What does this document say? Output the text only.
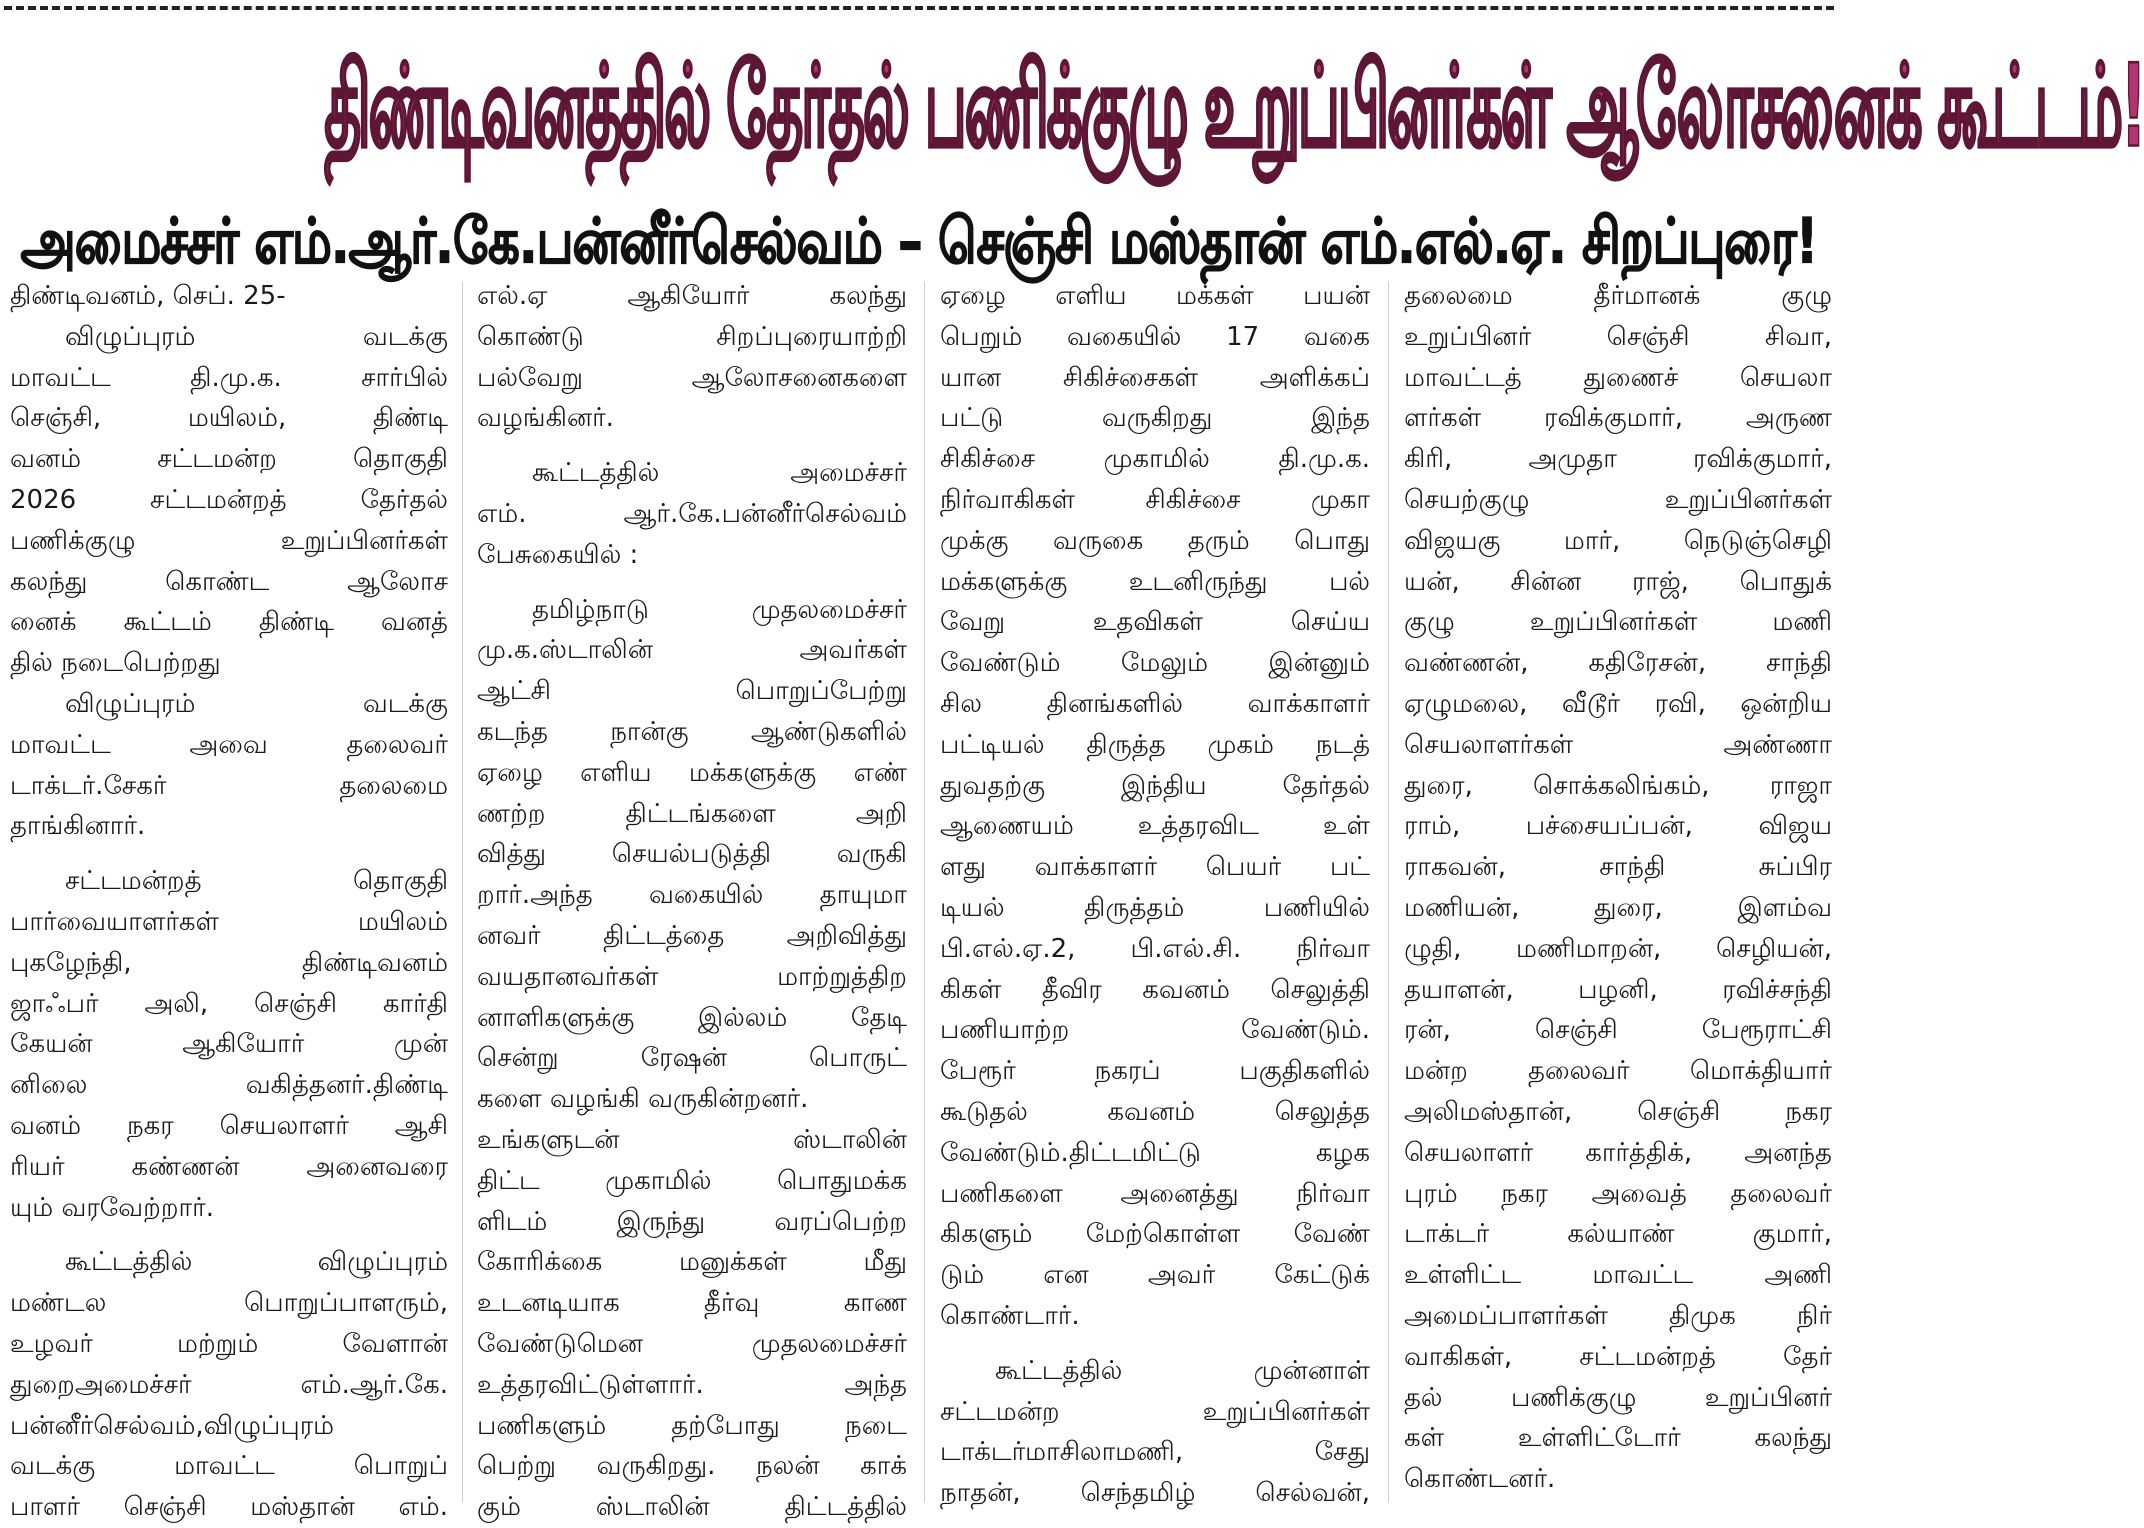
திண்டிவனத்தில் தேர்தல் பணிக்குழு உறுப்பினர்கள் ஆலோசனைக் கூட்டம்!
அமைச்சர் எம்.ஆர்.கே.பன்னீர்செல்வம் – செஞ்சி மஸ்தான் எம்.எல்.ஏ. சிறப்புரை!
திண்டிவனம், செப். 25-
விழுப்புரம் வடக்கு
மாவட்ட தி.மு.க. சார்பில்
செஞ்சி, மயிலம், திண்டி
வனம் சட்டமன்ற தொகுதி
2026 சட்டமன்றத் தேர்தல்
பணிக்குழு உறுப்பினர்கள்
கலந்து கொண்ட ஆலோச
னைக் கூட்டம் திண்டி வனத்
தில் நடைபெற்றது
விழுப்புரம் வடக்கு
மாவட்ட அவை தலைவர்
டாக்டர்.சேகர் தலைமை
தாங்கினார்.
சட்டமன்றத் தொகுதி
பார்வையாளர்கள் மயிலம்
புகழேந்தி, திண்டிவனம்
ஜாஃபர் அலி, செஞ்சி கார்தி
கேயன் ஆகியோர் முன்
னிலை வகித்தனர்.திண்டி
வனம் நகர செயலாளர் ஆசி
ரியர் கண்ணன் அனைவரை
யும் வரவேற்றார்.
கூட்டத்தில் விழுப்புரம்
மண்டல பொறுப்பாளரும்,
உழவர் மற்றும் வேளான்
துறைஅமைச்சர் எம்.ஆர்.கே.
பன்னீர்செல்வம்,விழுப்புரம்
வடக்கு மாவட்ட பொறுப்
பாளர் செஞ்சி மஸ்தான் எம்.
எல்.ஏ ஆகியோர் கலந்து
கொண்டு சிறப்புரையாற்றி
பல்வேறு ஆலோசனைகளை
வழங்கினர்.
கூட்டத்தில் அமைச்சர்
எம். ஆர்.கே.பன்னீர்செல்வம்
பேசுகையில் :
தமிழ்நாடு முதலமைச்சர்
மு.க.ஸ்டாலின் அவர்கள்
ஆட்சி பொறுப்பேற்று
கடந்த நான்கு ஆண்டுகளில்
ஏழை எளிய மக்களுக்கு எண்
ணற்ற திட்டங்களை அறி
வித்து செயல்படுத்தி வருகி
றார்.அந்த வகையில் தாயுமா
னவர் திட்டத்தை அறிவித்து
வயதானவர்கள் மாற்றுத்திற
னாளிகளுக்கு இல்லம் தேடி
சென்று ரேஷன் பொருட்
களை வழங்கி வருகின்றனர்.
உங்களுடன் ஸ்டாலின்
திட்ட முகாமில் பொதுமக்க
ளிடம் இருந்து வரப்பெற்ற
கோரிக்கை மனுக்கள் மீது
உடனடியாக தீர்வு காண
வேண்டுமென முதலமைச்சர்
உத்தரவிட்டுள்ளார். அந்த
பணிகளும் தற்போது நடை
பெற்று வருகிறது. நலன் காக்
கும் ஸ்டாலின் திட்டத்தில்
ஏழை எளிய மக்கள் பயன்
பெறும் வகையில் 17 வகை
யான சிகிச்சைகள் அளிக்கப்
பட்டு வருகிறது இந்த
சிகிச்சை முகாமில் தி.மு.க.
நிர்வாகிகள் சிகிச்சை முகா
முக்கு வருகை தரும் பொது
மக்களுக்கு உடனிருந்து பல்
வேறு உதவிகள் செய்ய
வேண்டும் மேலும் இன்னும்
சில தினங்களில் வாக்காளர்
பட்டியல் திருத்த முகம் நடத்
துவதற்கு இந்திய தேர்தல்
ஆணையம் உத்தரவிட உள்
ளது வாக்காளர் பெயர் பட்
டியல் திருத்தம் பணியில்
பி.எல்.ஏ.2, பி.எல்.சி. நிர்வா
கிகள் தீவிர கவனம் செலுத்தி
பணியாற்ற வேண்டும்.
பேரூர் நகரப் பகுதிகளில்
கூடுதல் கவனம் செலுத்த
வேண்டும்.திட்டமிட்டு கழக
பணிகளை அனைத்து நிர்வா
கிகளும் மேற்கொள்ள வேண்
டும் என அவர் கேட்டுக்
கொண்டார்.
கூட்டத்தில் முன்னாள்
சட்டமன்ற உறுப்பினர்கள்
டாக்டர்மாசிலாமணி, சேது
நாதன், செந்தமிழ் செல்வன்,
தலைமை தீர்மானக் குழு
உறுப்பினர் செஞ்சி சிவா,
மாவட்டத் துணைச் செயலா
ளர்கள் ரவிக்குமார், அருண
கிரி, அமுதா ரவிக்குமார்,
செயற்குழு உறுப்பினர்கள்
விஜயகு மார், நெடுஞ்செழி
யன், சின்ன ராஜ், பொதுக்
குழு உறுப்பினர்கள் மணி
வண்ணன், கதிரேசன், சாந்தி
ஏழுமலை, வீடூர் ரவி, ஒன்றிய
செயலாளர்கள் அண்ணா
துரை, சொக்கலிங்கம், ராஜா
ராம், பச்சையப்பன், விஜய
ராகவன், சாந்தி சுப்பிர
மணியன், துரை, இளம்வ
ழுதி, மணிமாறன், செழியன்,
தயாளன், பழனி, ரவிச்சந்தி
ரன், செஞ்சி பேரூராட்சி
மன்ற தலைவர் மொக்தியார்
அலிமஸ்தான், செஞ்சி நகர
செயலாளர் கார்த்திக், அனந்த
புரம் நகர அவைத் தலைவர்
டாக்டர் கல்யாண் குமார்,
உள்ளிட்ட மாவட்ட அணி
அமைப்பாளர்கள் திமுக நிர்
வாகிகள், சட்டமன்றத் தேர்
தல் பணிக்குழு உறுப்பினர்
கள் உள்ளிட்டோர் கலந்து
கொண்டனர்.
